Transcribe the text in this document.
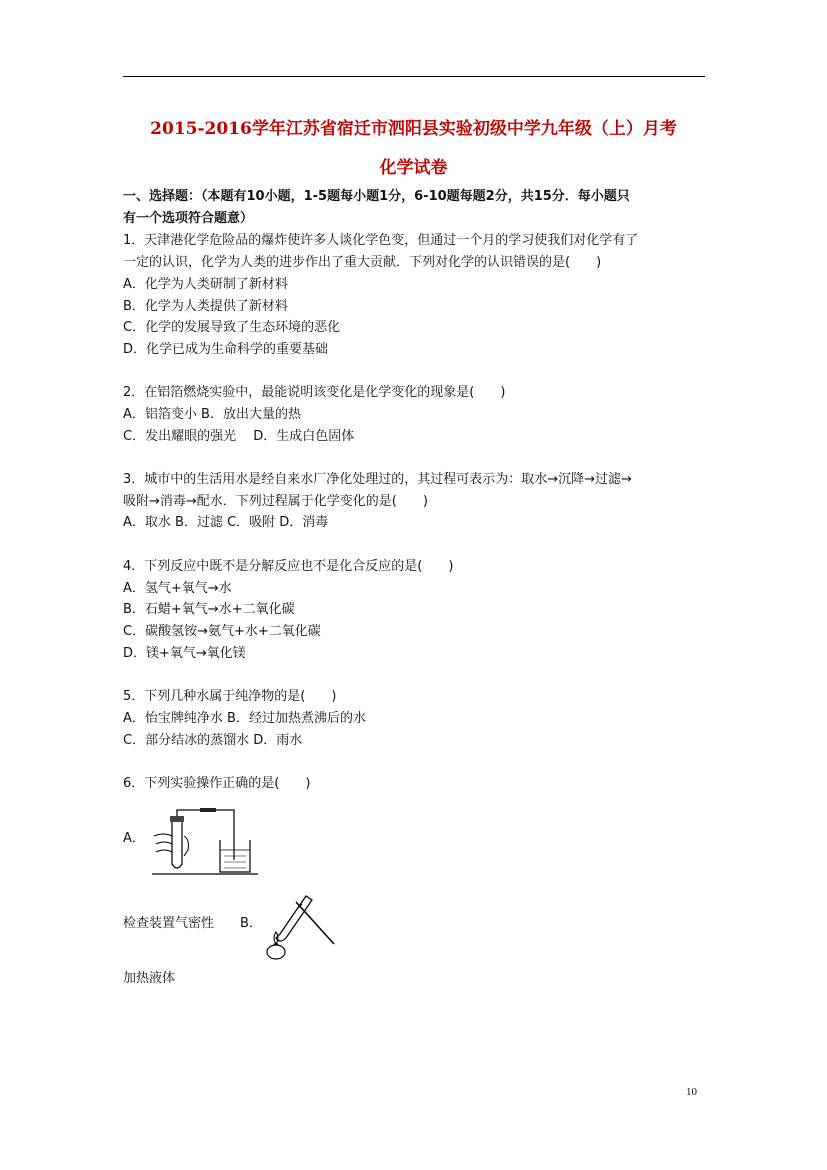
2015-2016学年江苏省宿迁市泗阳县实验初级中学九年级（上）月考
化学试卷
一、选择题：（本题有10小题，1-5题每小题1分，6-10题每题2分，共15分．每小题只
有一个选项符合题意）
1．天津港化学危险品的爆炸使许多人谈化学色变，但通过一个月的学习使我们对化学有了
一定的认识，化学为人类的进步作出了重大贡献．下列对化学的认识错误的是(　　)
A．化学为人类研制了新材料
B．化学为人类提供了新材料
C．化学的发展导致了生态环境的恶化
D．化学已成为生命科学的重要基础
2．在铝箔燃烧实验中，最能说明该变化是化学变化的现象是(　　)
A．铝箔变小 B．放出大量的热
C．发出耀眼的强光　 D．生成白色固体
3．城市中的生活用水是经自来水厂净化处理过的，其过程可表示为：取水→沉降→过滤→
吸附→消毒→配水．下列过程属于化学变化的是(　　)
A．取水 B．过滤 C．吸附 D．消毒
4．下列反应中既不是分解反应也不是化合反应的是(　　)
A．氢气+氧气→水
B．石蜡+氧气→水+二氧化碳
C．碳酸氢铵→氨气+水+二氧化碳
D．镁+氧气→氧化镁
5．下列几种水属于纯净物的是(　　)
A．怡宝牌纯净水 B．经过加热煮沸后的水
C．部分结冰的蒸馏水 D．雨水
6．下列实验操作正确的是(　　)
A．
检查装置气密性 B．
加热液体
10
